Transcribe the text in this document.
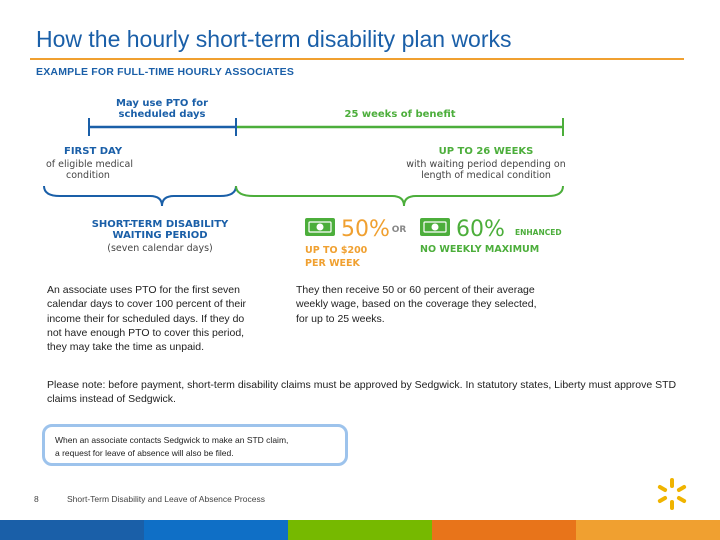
How the hourly short-term disability plan works
EXAMPLE FOR FULL-TIME HOURLY ASSOCIATES
May use PTO for
scheduled days	25 weeks of benefit
FIRST DAY
of eligible medical
condition
UP TO 26 WEEKS
with waiting period depending on
length of medical condition
SHORT-TERM DISABILITY
WAITING PERIOD
(seven calendar days)
50%
UP TO $200
PER WEEK
OR 60% ENHANCED
NO WEEKLY MAXIMUM
An associate uses PTO for the first seven calendar days to cover 100 percent of their income their for scheduled days. If they do not have enough PTO to cover this period, they may take the time as unpaid.
They then receive 50 or 60 percent of their average weekly wage, based on the coverage they selected, for up to 25 weeks.
Please note: before payment, short-term disability claims must be approved by Sedgwick. In statutory states, Liberty must approve STD claims instead of Sedgwick.
When an associate contacts Sedgwick to make an STD claim,
a request for leave of absence will also be filed.
8	Short-Term Disability and Leave of Absence Process
